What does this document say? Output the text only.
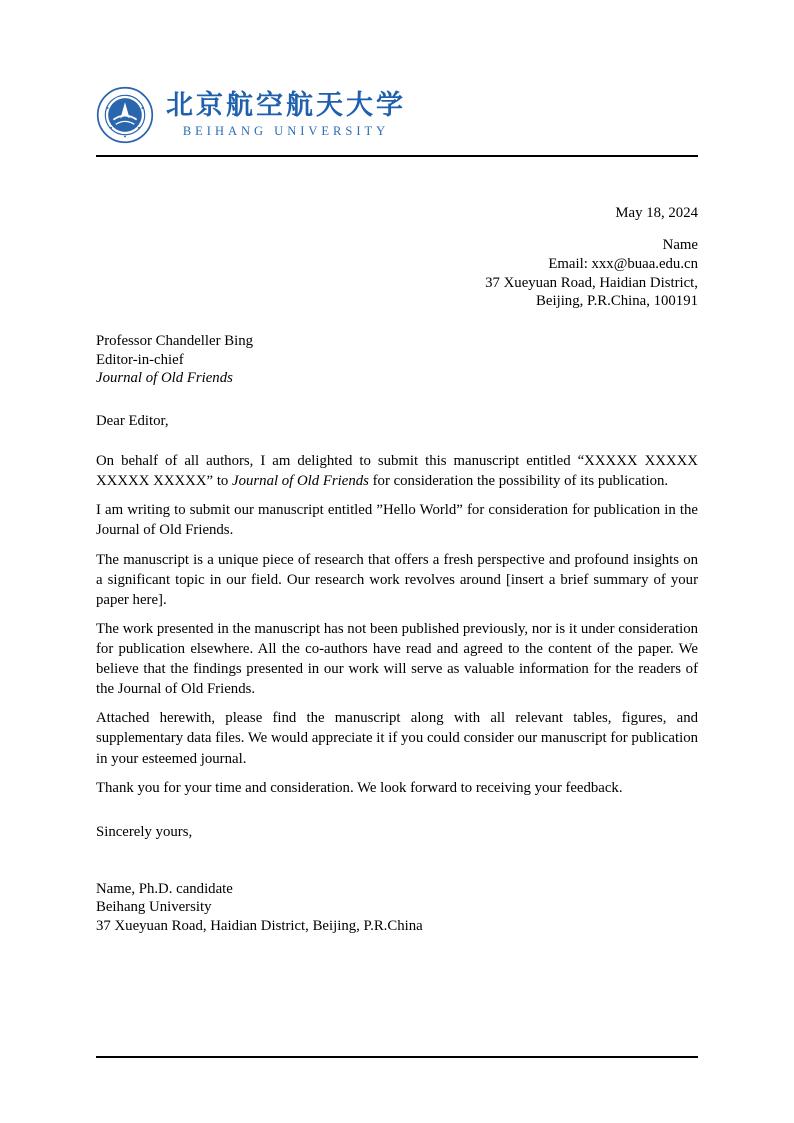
北京航空航天大学
BEIHANG UNIVERSITY
May 18, 2024
Name
Email: xxx@buaa.edu.cn
37 Xueyuan Road, Haidian District,
Beijing, P.R.China, 100191
Professor Chandeller Bing
Editor-in-chief
Journal of Old Friends
Dear Editor,

On behalf of all authors, I am delighted to submit this manuscript entitled “XXXXX XXXXX XXXXX XXXXX” to Journal of Old Friends for consideration the possibility of its publication.

I am writing to submit our manuscript entitled ”Hello World” for consideration for publication in the Journal of Old Friends.

The manuscript is a unique piece of research that offers a fresh perspective and profound insights on a significant topic in our field. Our research work revolves around [insert a brief summary of your paper here].

The work presented in the manuscript has not been published previously, nor is it under consideration for publication elsewhere. All the co-authors have read and agreed to the content of the paper. We believe that the findings presented in our work will serve as valuable information for the readers of the Journal of Old Friends.

Attached herewith, please find the manuscript along with all relevant tables, figures, and supplementary data files. We would appreciate it if you could consider our manuscript for publication in your esteemed journal.

Thank you for your time and consideration. We look forward to receiving your feedback.

Sincerely yours,
Name, Ph.D. candidate
Beihang University
37 Xueyuan Road, Haidian District, Beijing, P.R.China
